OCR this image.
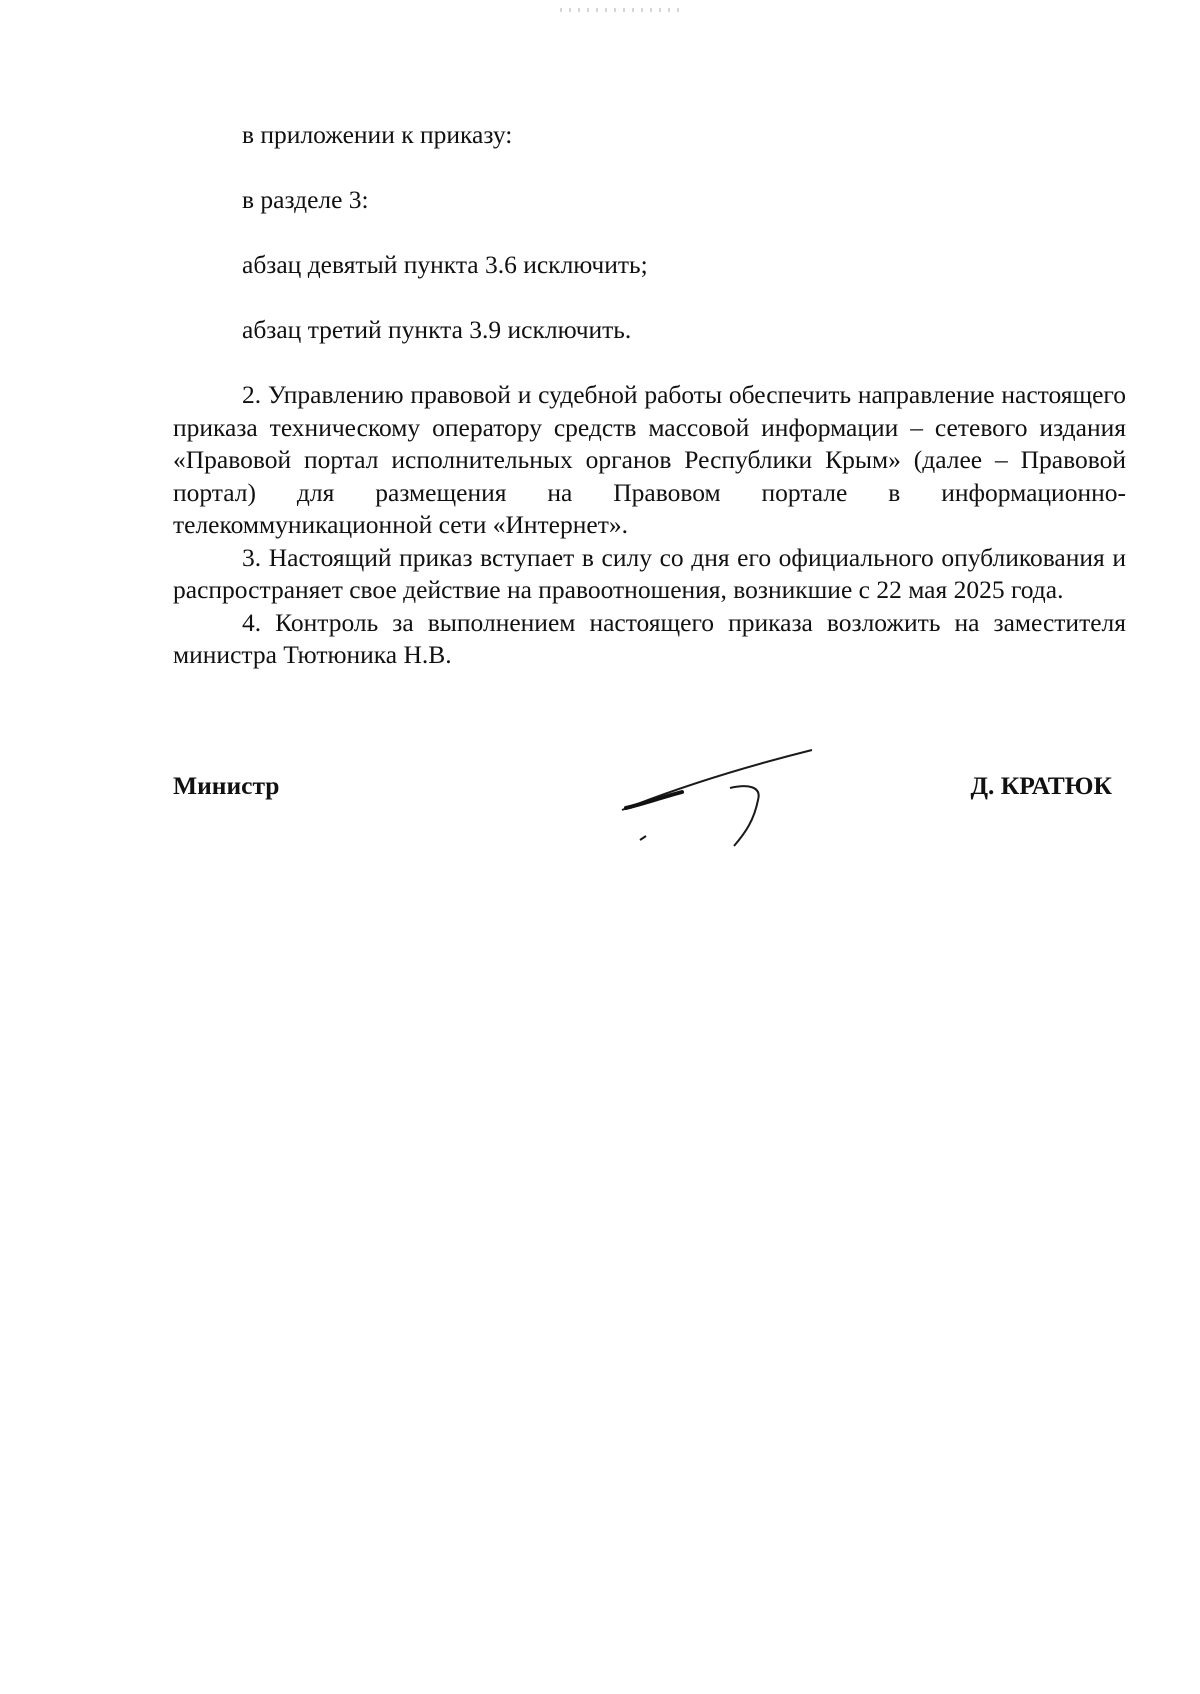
в приложении к приказу:

в разделе 3:

абзац девятый пункта 3.6 исключить;

абзац третий пункта 3.9 исключить.

2. Управлению правовой и судебной работы обеспечить направление настоящего приказа техническому оператору средств массовой информации – сетевого издания «Правовой портал исполнительных органов Республики Крым» (далее – Правовой портал) для размещения на Правовом портале в информационно-телекоммуникационной сети «Интернет».

3. Настоящий приказ вступает в силу со дня его официального опубликования и распространяет свое действие на правоотношения, возникшие с 22 мая 2025 года.

4. Контроль за выполнением настоящего приказа возложить на заместителя министра Тютюника Н.В.

Министр	Д. КРАТЮК
